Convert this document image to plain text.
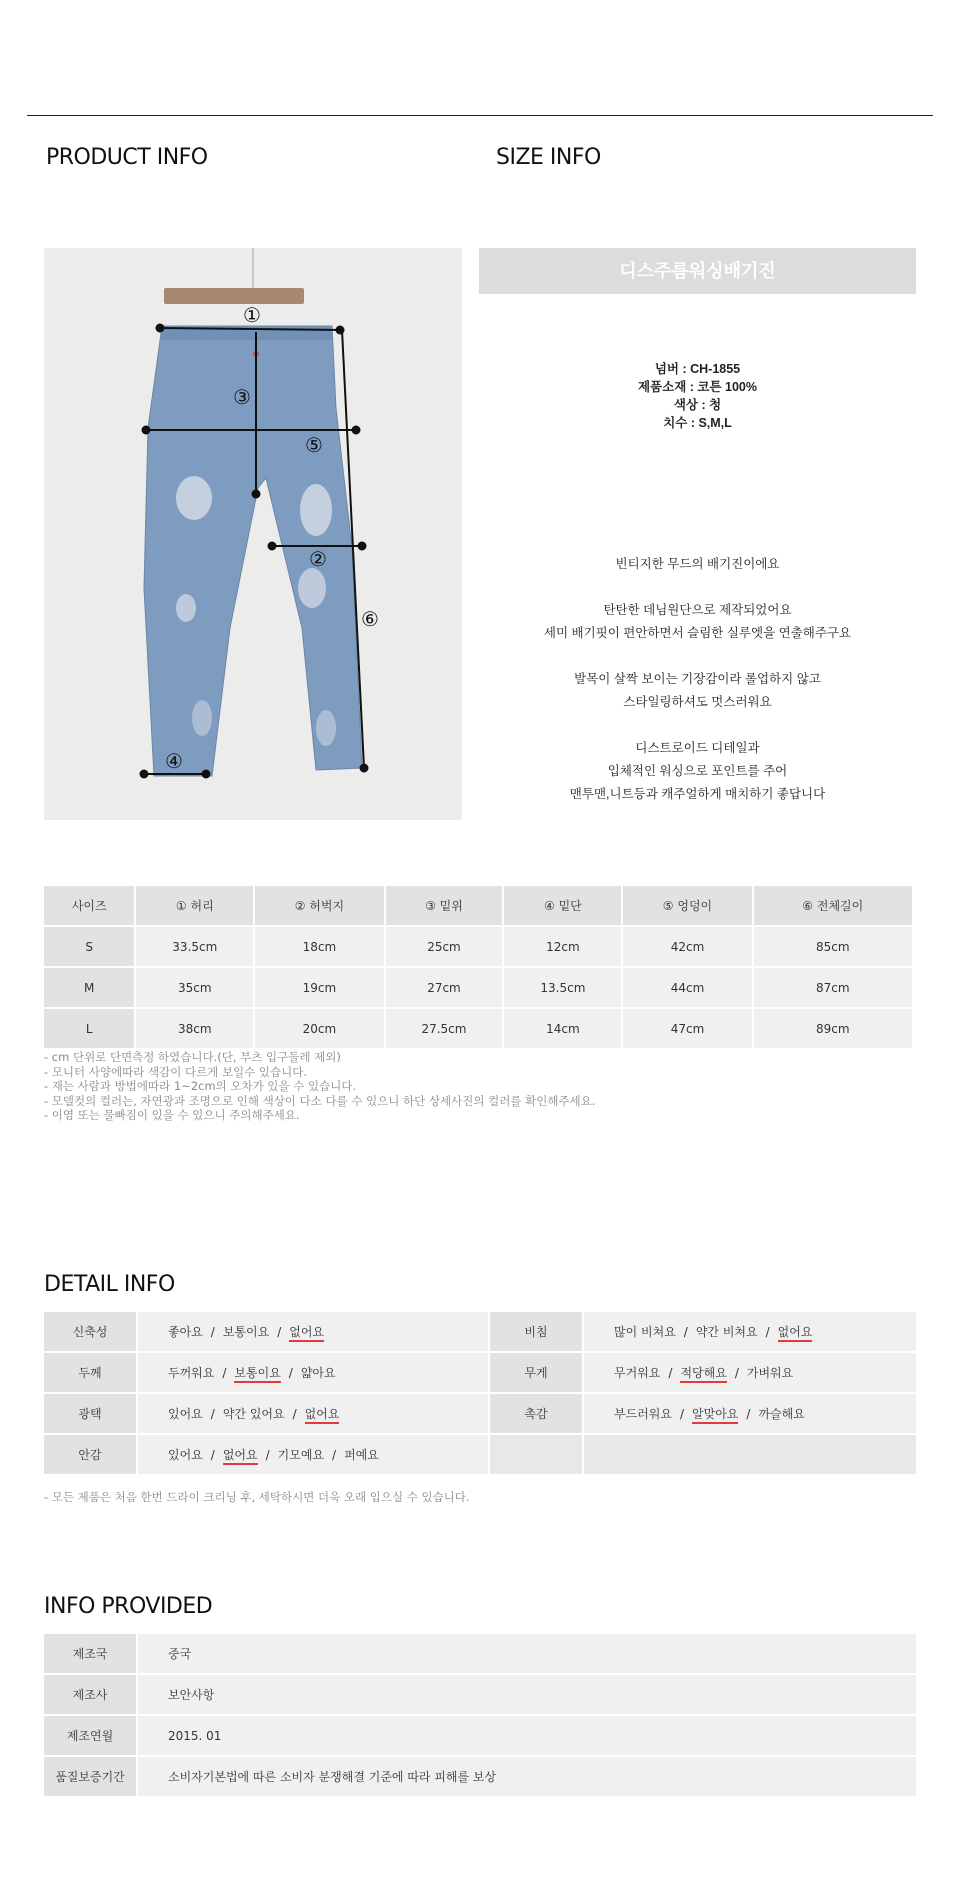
PRODUCT INFO	SIZE INFO
①
②
③
④
⑤
⑥
디스주름워싱배기진
넘버 : CH-1855
제품소재 : 코튼 100%
색상 : 청
치수 : S,M,L
빈티지한 무드의 배기진이에요
탄탄한 데님원단으로 제작되었어요
세미 배기핏이 편안하면서 슬림한 실루엣을 연출해주구요
발목이 살짝 보이는 기장감이라 롤업하지 않고
스타일링하셔도 멋스러워요
디스트로이드 디테일과
입체적인 워싱으로 포인트를 주어
맨투맨,니트등과 캐주얼하게 매치하기 좋답니다
사이즈	① 허리	② 허벅지	③ 밑위	④ 밑단	⑤ 엉덩이	⑥ 전체길이		
S	33.5cm	18cm	25cm	12cm	42cm	85cm		
M	35cm	19cm	27cm	13.5cm	44cm	87cm		
L	38cm	20cm	27.5cm	14cm	47cm	89cm		
- cm 단위로 단면측정 하였습니다.(단, 부츠 입구둘레 제외)
- 모니터 사양에따라 색감이 다르게 보일수 있습니다.
- 재는 사람과 방법에따라 1~2cm의 오차가 있을 수 있습니다.
- 모델컷의 컬러는, 자연광과 조명으로 인해 색상이 다소 다를 수 있으니 하단 상세사진의 컬러를 확인해주세요.
- 이염 또는 물빠짐이 있을 수 있으니 주의해주세요.
DETAIL INFO
신축성	좋아요 / 보통이요 / 없어요	비침	많이 비쳐요 / 약간 비쳐요 / 없어요
두께	두꺼워요 / 보통이요 / 얇아요	무게	무거워요 / 적당해요 / 가벼워요
광택	있어요 / 약간 있어요 / 없어요	촉감	부드러워요 / 알맞아요 / 까슬해요
안감	있어요 / 없어요 / 기모예요 / 퍼예요		
- 모든 제품은 처음 한번 드라이 크리닝 후, 세탁하시면 더욱 오래 입으실 수 있습니다.
INFO PROVIDED
제조국	중국
제조사	보안사항
제조연월	2015. 01
품질보증기간	소비자기본법에 따른 소비자 분쟁해결 기준에 따라 피해를 보상
